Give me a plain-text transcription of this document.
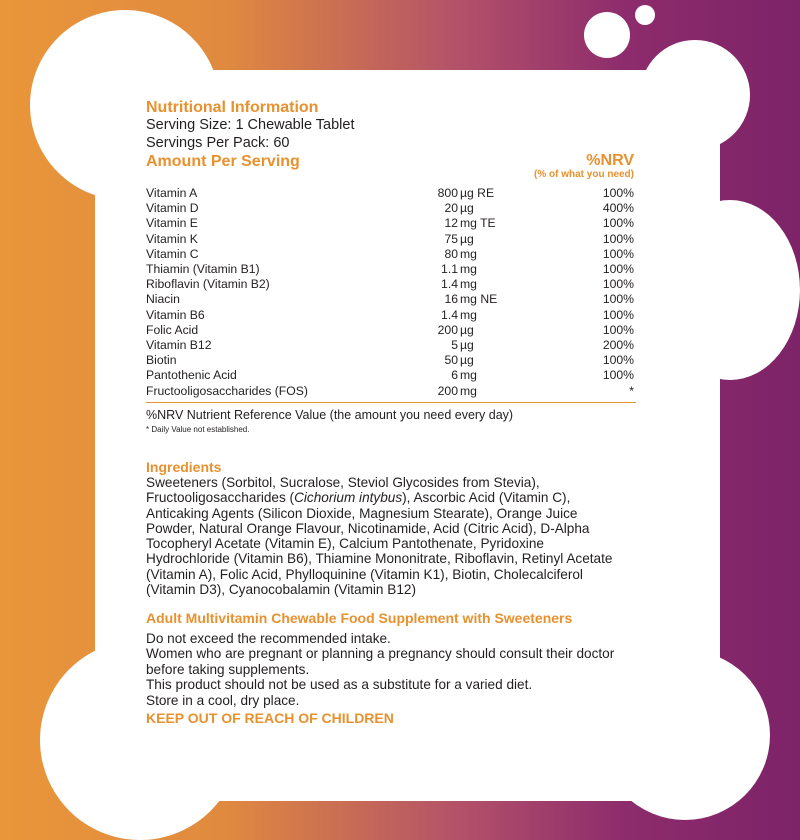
Nutritional Information
Serving Size: 1 Chewable Tablet
Servings Per Pack: 60
Amount Per Serving	%NRV
(% of what you need)
Vitamin A	800 µg RE	100%
Vitamin D	20 µg	400%
Vitamin E	12 mg TE	100%
Vitamin K	75 µg	100%
Vitamin C	80 mg	100%
Thiamin (Vitamin B1)	1.1 mg	100%
Riboflavin (Vitamin B2)	1.4 mg	100%
Niacin	16 mg NE	100%
Vitamin B6	1.4 mg	100%
Folic Acid	200 µg	100%
Vitamin B12	5 µg	200%
Biotin	50 µg	100%
Pantothenic Acid	6 mg	100%
Fructooligosaccharides (FOS)	200 mg	*
%NRV Nutrient Reference Value (the amount you need every day)
* Daily Value not established.
Ingredients
Sweeteners (Sorbitol, Sucralose, Steviol Glycosides from Stevia), Fructooligosaccharides (Cichorium intybus), Ascorbic Acid (Vitamin C), Anticaking Agents (Silicon Dioxide, Magnesium Stearate), Orange Juice Powder, Natural Orange Flavour, Nicotinamide, Acid (Citric Acid), D-Alpha Tocopheryl Acetate (Vitamin E), Calcium Pantothenate, Pyridoxine Hydrochloride (Vitamin B6), Thiamine Mononitrate, Riboflavin, Retinyl Acetate (Vitamin A), Folic Acid, Phylloquinine (Vitamin K1), Biotin, Cholecalciferol (Vitamin D3), Cyanocobalamin (Vitamin B12)
Adult Multivitamin Chewable Food Supplement with Sweeteners
Do not exceed the recommended intake.
Women who are pregnant or planning a pregnancy should consult their doctor before taking supplements.
This product should not be used as a substitute for a varied diet.
Store in a cool, dry place.
KEEP OUT OF REACH OF CHILDREN
